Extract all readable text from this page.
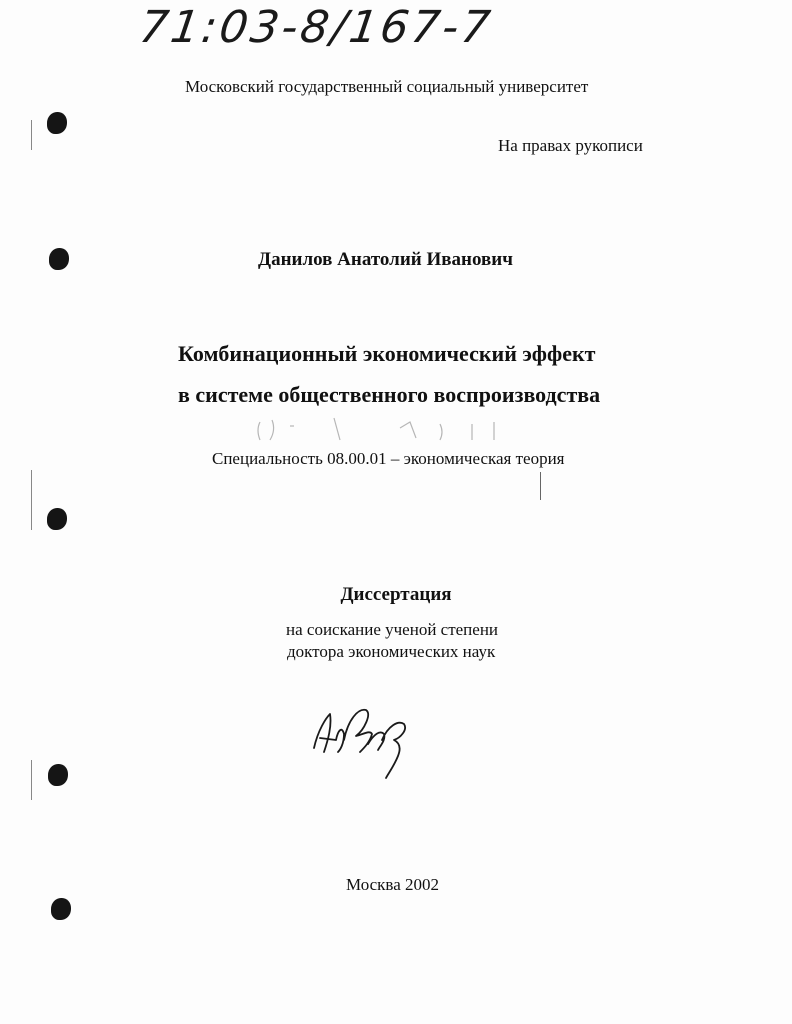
71:03-8/167-7
Московский государственный социальный университет
На правах рукописи
Данилов Анатолий Иванович
Комбинационный экономический эффект
в системе общественного воспроизводства
Специальность 08.00.01 – экономическая теория
Диссертация
на соискание ученой степени
доктора экономических наук
Москва 2002
